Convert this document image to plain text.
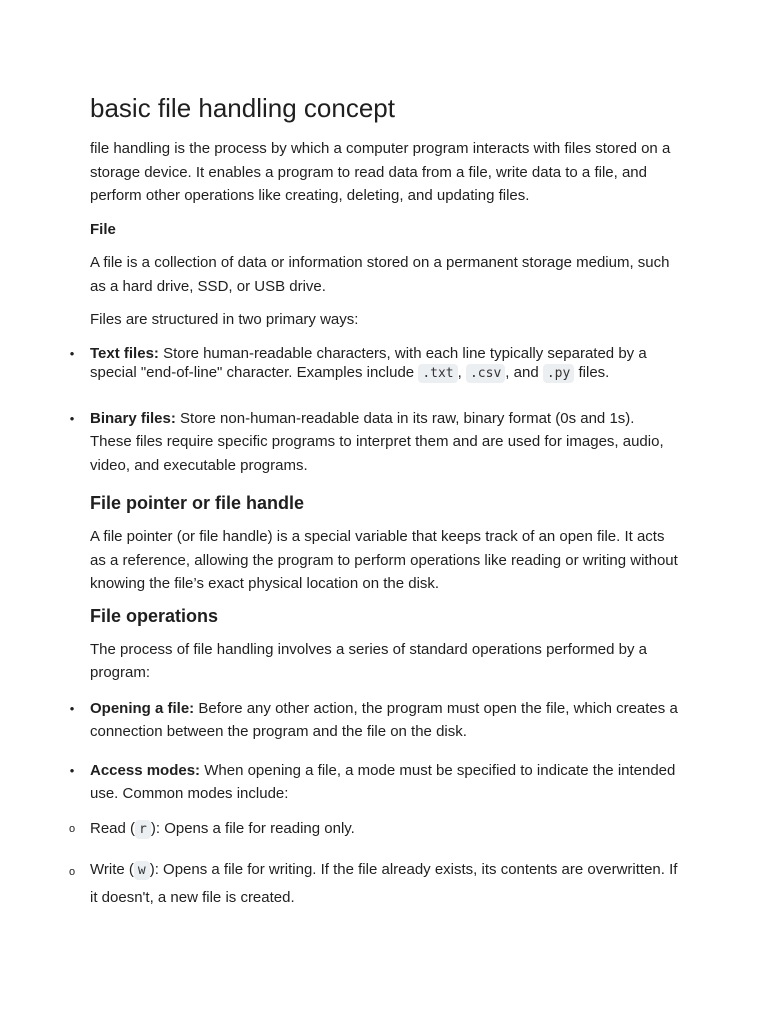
basic file handling concept

file handling is the process by which a computer program interacts with files stored on a storage device. It enables a program to read data from a file, write data to a file, and perform other operations like creating, deleting, and updating files.

File

A file is a collection of data or information stored on a permanent storage medium, such as a hard drive, SSD, or USB drive.

Files are structured in two primary ways:

• Text files: Store human-readable characters, with each line typically separated by a special "end-of-line" character. Examples include .txt , .csv , and .py files.
• Binary files: Store non-human-readable data in its raw, binary format (0s and 1s). These files require specific programs to interpret them and are used for images, audio, video, and executable programs.
File pointer or file handle

A file pointer (or file handle) is a special variable that keeps track of an open file. It acts as a reference, allowing the program to perform operations like reading or writing without knowing the file’s exact physical location on the disk.

File operations

The process of file handling involves a series of standard operations performed by a program:

• Opening a file: Before any other action, the program must open the file, which creates a connection between the program and the file on the disk.
• Access modes: When opening a file, a mode must be specified to indicate the intended use. Common modes include:
o Read ( r ): Opens a file for reading only.
o Write ( w ): Opens a file for writing. If the file already exists, its contents are overwritten. If it doesn't, a new file is created.
